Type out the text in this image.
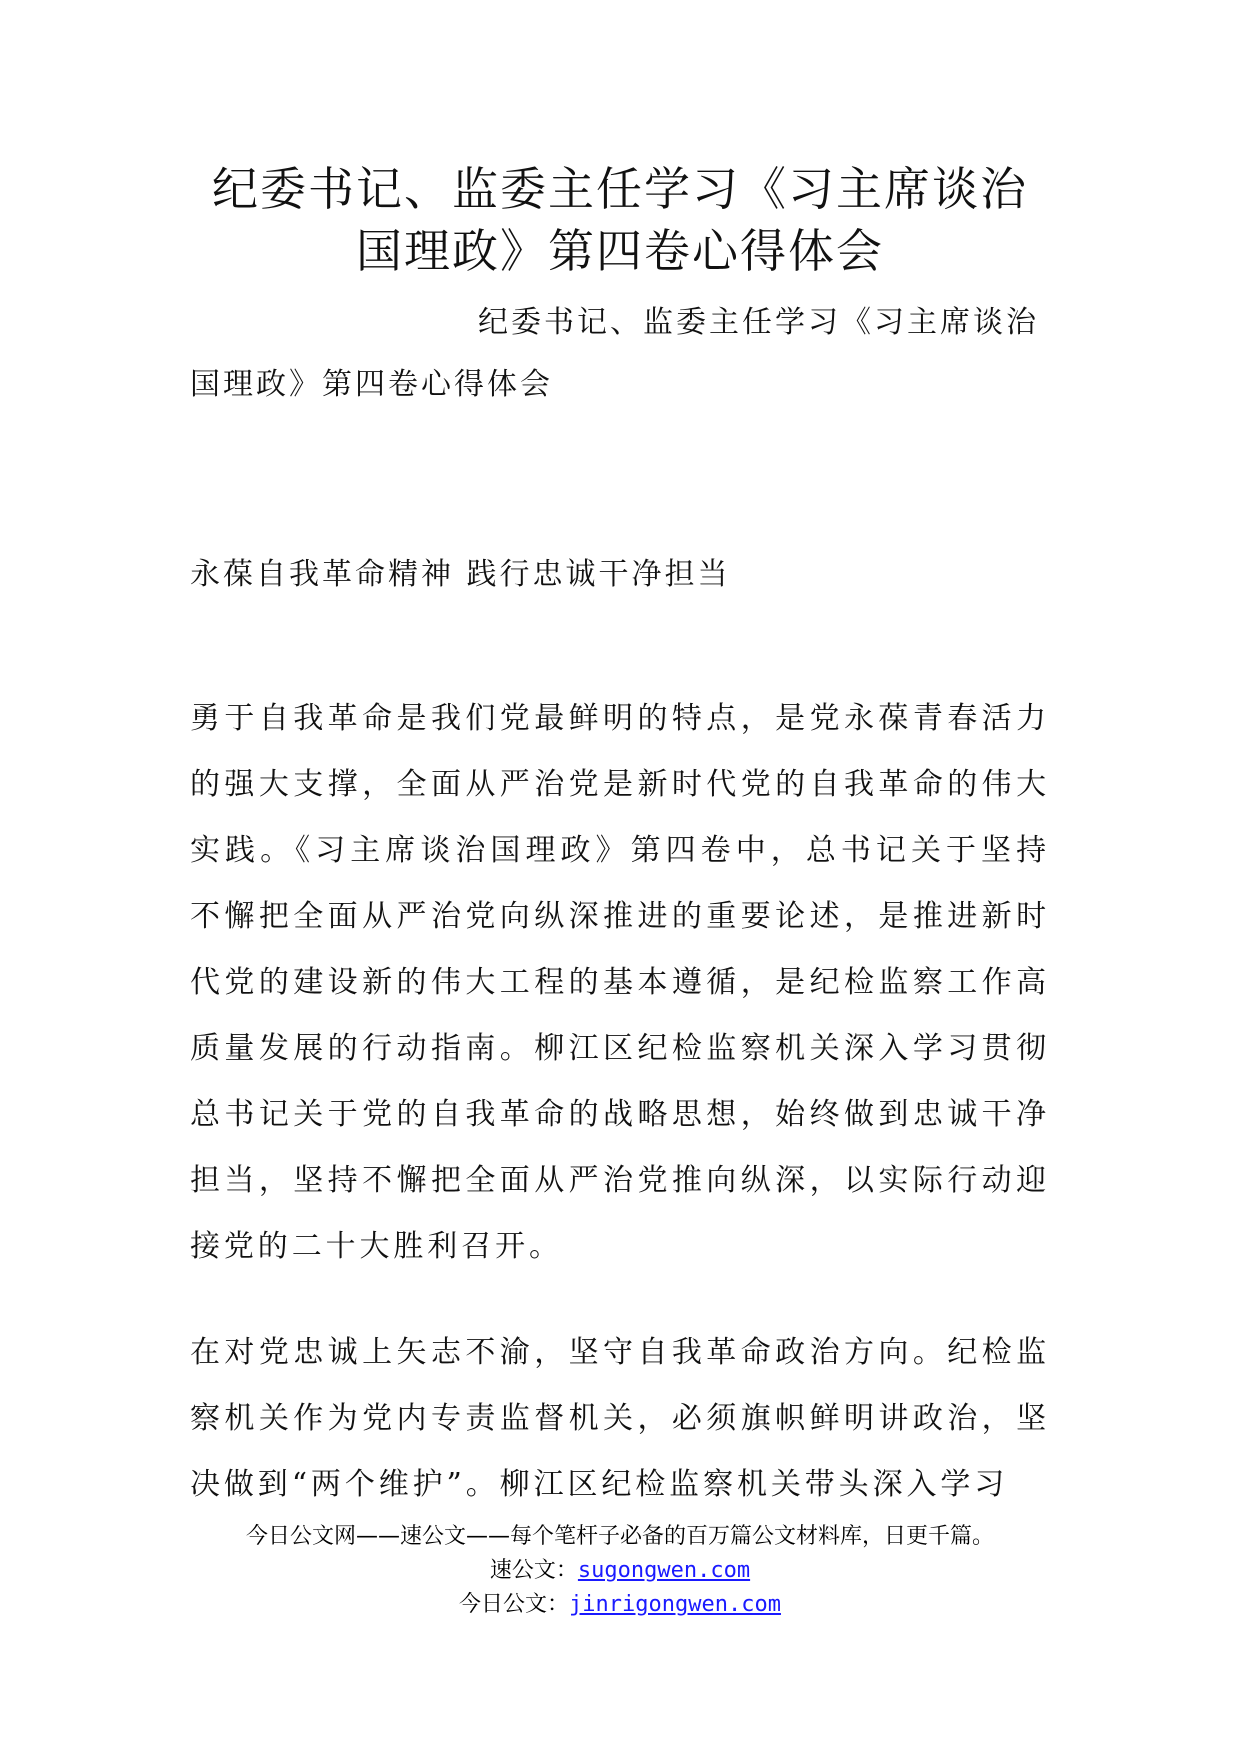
纪委书记、监委主任学习《习主席谈治国理政》第四卷心得体会

纪委书记、监委主任学习《习主席谈治国理政》第四卷心得体会

永葆自我革命精神 践行忠诚干净担当

勇于自我革命是我们党最鲜明的特点，是党永葆青春活力的强大支撑，全面从严治党是新时代党的自我革命的伟大实践。《习主席谈治国理政》第四卷中，总书记关于坚持不懈把全面从严治党向纵深推进的重要论述，是推进新时代党的建设新的伟大工程的基本遵循，是纪检监察工作高质量发展的行动指南。柳江区纪检监察机关深入学习贯彻总书记关于党的自我革命的战略思想，始终做到忠诚干净担当，坚持不懈把全面从严治党推向纵深，以实际行动迎接党的二十大胜利召开。

在对党忠诚上矢志不渝，坚守自我革命政治方向。纪检监察机关作为党内专责监督机关，必须旗帜鲜明讲政治，坚决做到“两个维护”。柳江区纪检监察机关带头深入学习

今日公文网——速公文——每个笔杆子必备的百万篇公文材料库，日更千篇。
速公文：sugongwen.com
今日公文：jinrigongwen.com
